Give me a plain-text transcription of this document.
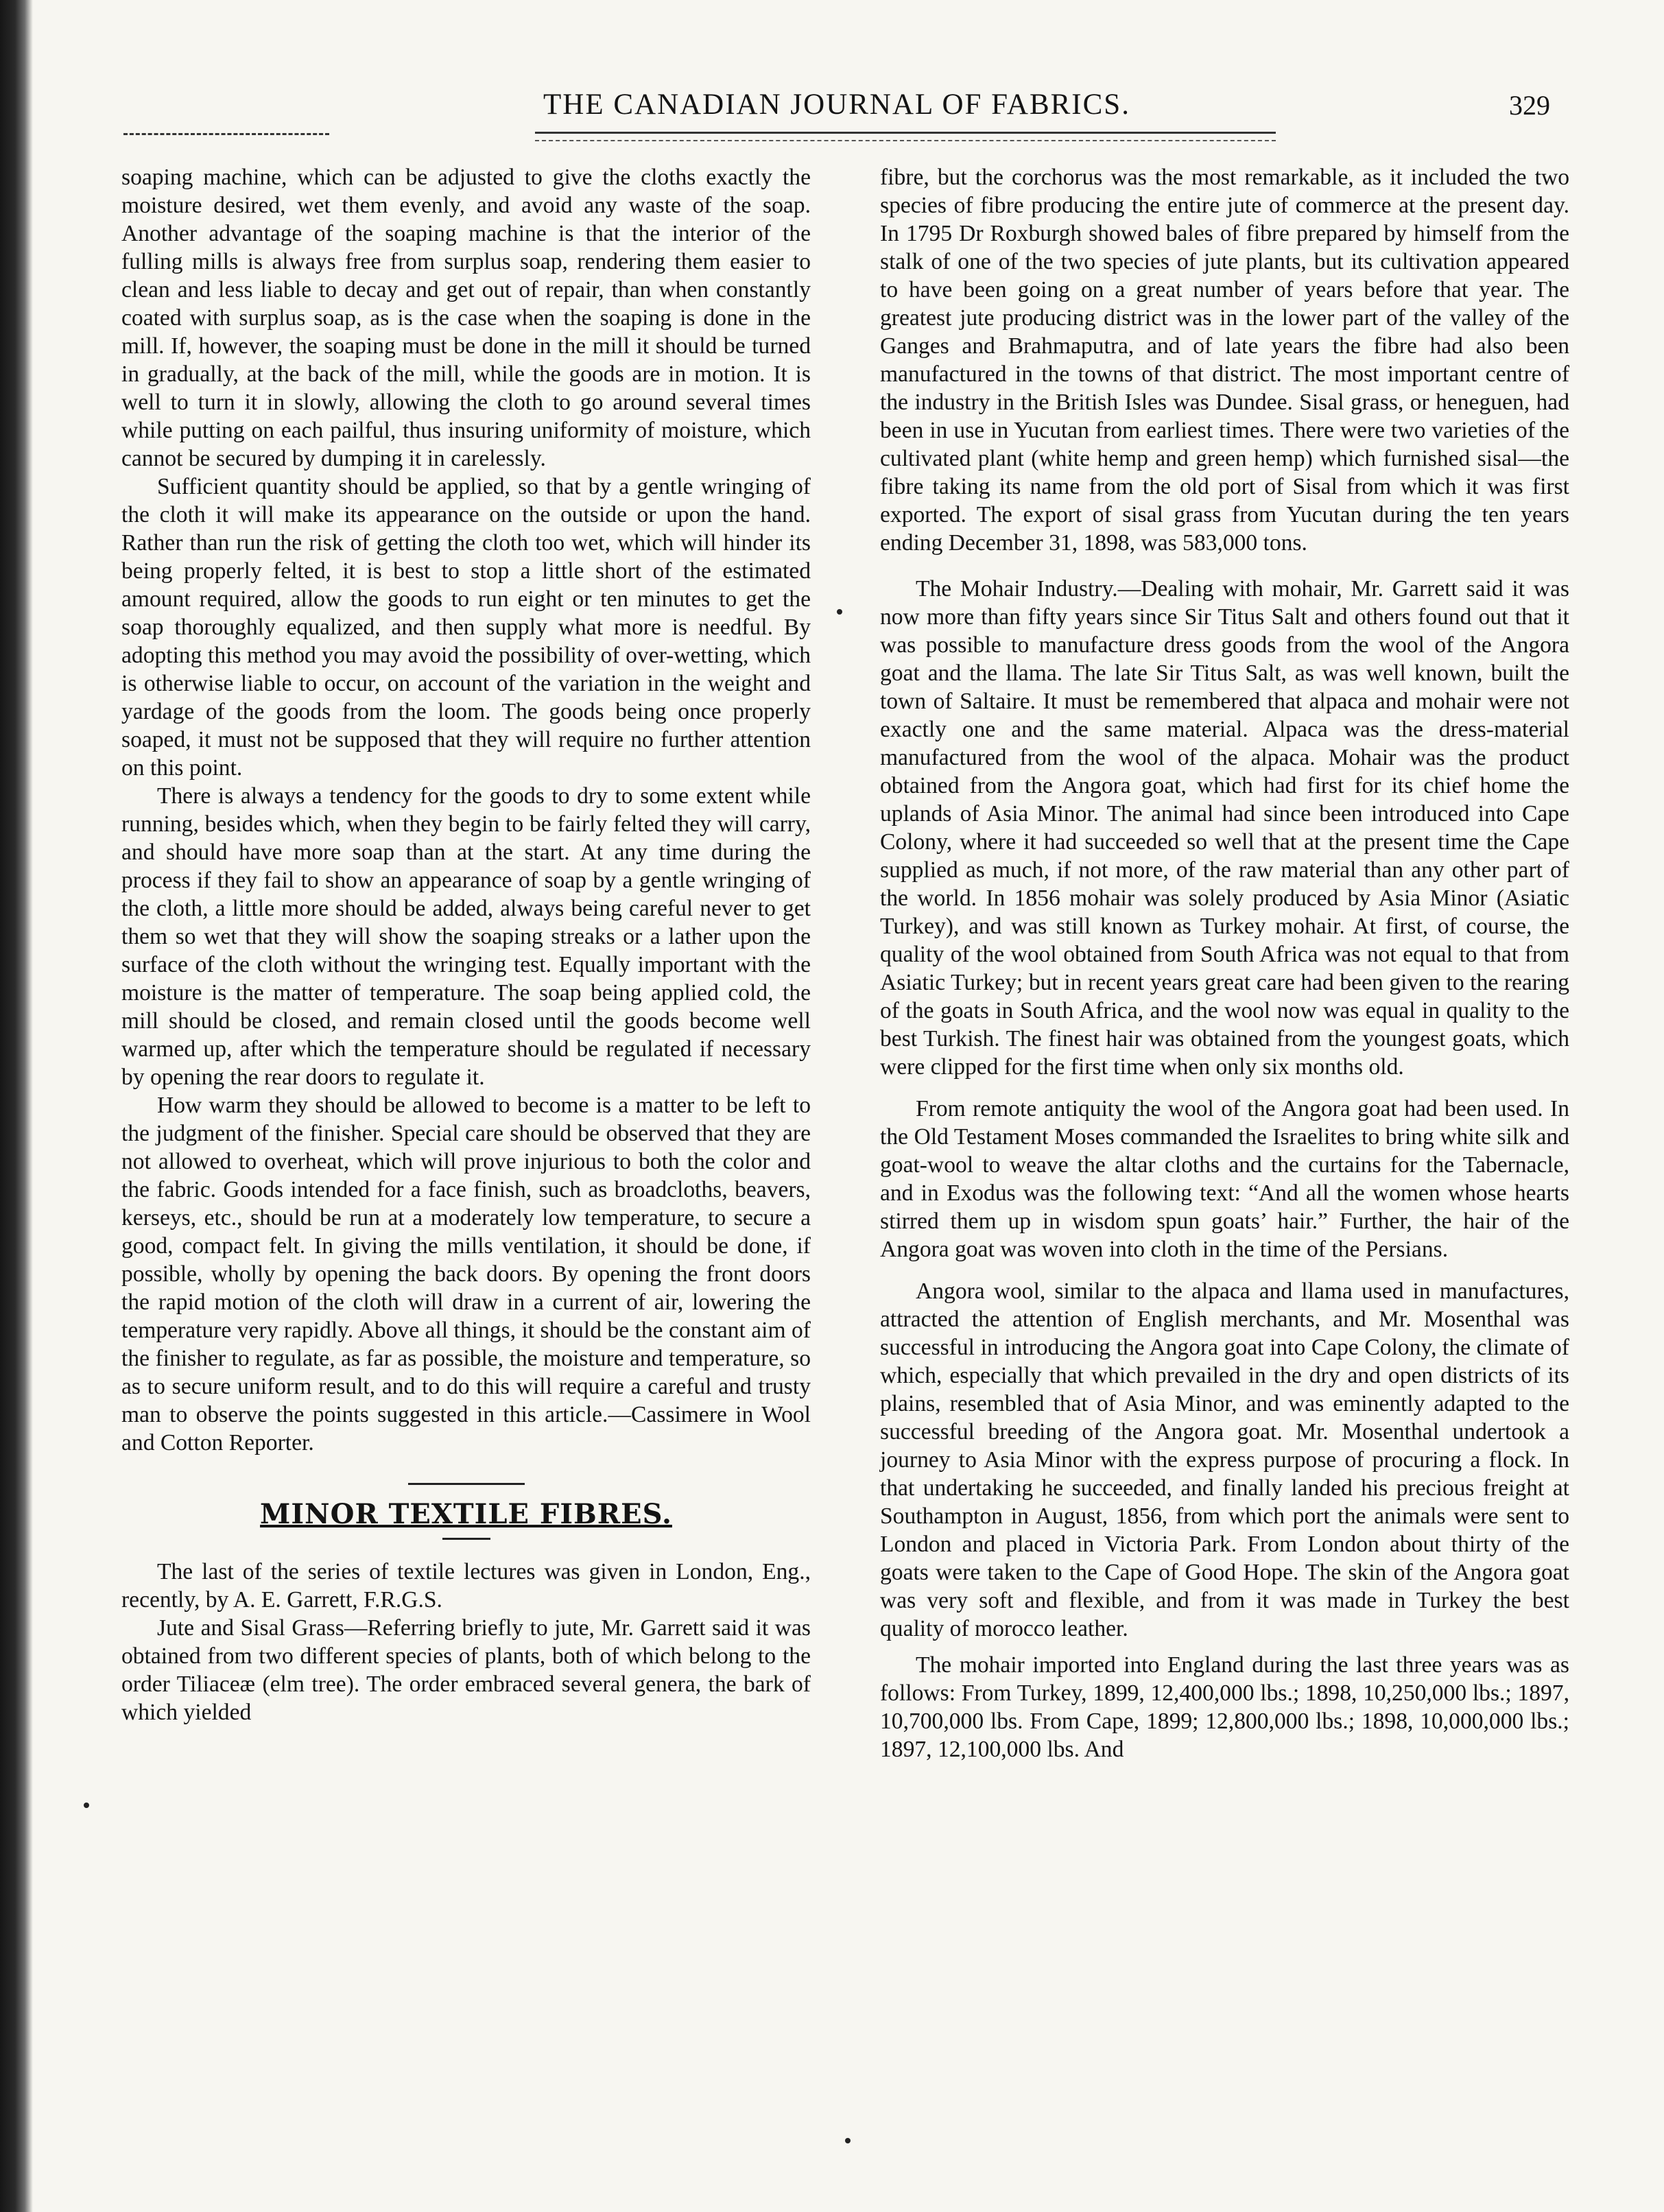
THE CANADIAN JOURNAL OF FABRICS.	329

soaping machine, which can be adjusted to give the cloths exactly the moisture desired, wet them evenly, and avoid any waste of the soap. Another advantage of the soaping machine is that the interior of the fulling mills is always free from surplus soap, rendering them easier to clean and less liable to decay and get out of repair, than when constantly coated with surplus soap, as is the case when the soaping is done in the mill. If, however, the soaping must be done in the mill it should be turned in gradually, at the back of the mill, while the goods are in motion. It is well to turn it in slowly, allowing the cloth to go around several times while putting on each pailful, thus insuring uniformity of moisture, which cannot be secured by dumping it in carelessly.

Sufficient quantity should be applied, so that by a gentle wringing of the cloth it will make its appearance on the outside or upon the hand. Rather than run the risk of getting the cloth too wet, which will hinder its being properly felted, it is best to stop a little short of the estimated amount required, allow the goods to run eight or ten minutes to get the soap thoroughly equalized, and then supply what more is needful. By adopting this method you may avoid the possibility of over-wetting, which is otherwise liable to occur, on account of the variation in the weight and yardage of the goods from the loom. The goods being once properly soaped, it must not be supposed that they will require no further attention on this point.

There is always a tendency for the goods to dry to some extent while running, besides which, when they begin to be fairly felted they will carry, and should have more soap than at the start. At any time during the process if they fail to show an appearance of soap by a gentle wringing of the cloth, a little more should be added, always being careful never to get them so wet that they will show the soaping streaks or a lather upon the surface of the cloth without the wringing test. Equally important with the moisture is the matter of temperature. The soap being applied cold, the mill should be closed, and remain closed until the goods become well warmed up, after which the temperature should be regulated if necessary by opening the rear doors to regulate it.

How warm they should be allowed to become is a matter to be left to the judgment of the finisher. Special care should be observed that they are not allowed to overheat, which will prove injurious to both the color and the fabric. Goods intended for a face finish, such as broadcloths, beavers, kerseys, etc., should be run at a moderately low temperature, to secure a good, compact felt. In giving the mills ventilation, it should be done, if possible, wholly by opening the back doors. By opening the front doors the rapid motion of the cloth will draw in a current of air, lowering the temperature very rapidly. Above all things, it should be the constant aim of the finisher to regulate, as far as possible, the moisture and temperature, so as to secure uniform result, and to do this will require a careful and trusty man to observe the points suggested in this article.—Cassimere in Wool and Cotton Reporter.

MINOR TEXTILE FIBRES.

The last of the series of textile lectures was given in London, Eng., recently, by A. E. Garrett, F.R.G.S.

Jute and Sisal Grass—Referring briefly to jute, Mr. Garrett said it was obtained from two different species of plants, both of which belong to the order Tiliaceæ (elm tree). The order embraced several genera, the bark of which yielded

fibre, but the corchorus was the most remarkable, as it included the two species of fibre producing the entire jute of commerce at the present day. In 1795 Dr Roxburgh showed bales of fibre prepared by himself from the stalk of one of the two species of jute plants, but its cultivation appeared to have been going on a great number of years before that year. The greatest jute producing district was in the lower part of the valley of the Ganges and Brahmaputra, and of late years the fibre had also been manufactured in the towns of that district. The most important centre of the industry in the British Isles was Dundee. Sisal grass, or heneguen, had been in use in Yucutan from earliest times. There were two varieties of the cultivated plant (white hemp and green hemp) which furnished sisal—the fibre taking its name from the old port of Sisal from which it was first exported. The export of sisal grass from Yucutan during the ten years ending December 31, 1898, was 583,000 tons.

The Mohair Industry.—Dealing with mohair, Mr. Garrett said it was now more than fifty years since Sir Titus Salt and others found out that it was possible to manufacture dress goods from the wool of the Angora goat and the llama. The late Sir Titus Salt, as was well known, built the town of Saltaire. It must be remembered that alpaca and mohair were not exactly one and the same material. Alpaca was the dress-material manufactured from the wool of the alpaca. Mohair was the product obtained from the Angora goat, which had first for its chief home the uplands of Asia Minor. The animal had since been introduced into Cape Colony, where it had succeeded so well that at the present time the Cape supplied as much, if not more, of the raw material than any other part of the world. In 1856 mohair was solely produced by Asia Minor (Asiatic Turkey), and was still known as Turkey mohair. At first, of course, the quality of the wool obtained from South Africa was not equal to that from Asiatic Turkey; but in recent years great care had been given to the rearing of the goats in South Africa, and the wool now was equal in quality to the best Turkish. The finest hair was obtained from the youngest goats, which were clipped for the first time when only six months old.

From remote antiquity the wool of the Angora goat had been used. In the Old Testament Moses commanded the Israelites to bring white silk and goat-wool to weave the altar cloths and the curtains for the Tabernacle, and in Exodus was the following text: “And all the women whose hearts stirred them up in wisdom spun goats’ hair.” Further, the hair of the Angora goat was woven into cloth in the time of the Persians.

Angora wool, similar to the alpaca and llama used in manufactures, attracted the attention of English merchants, and Mr. Mosenthal was successful in introducing the Angora goat into Cape Colony, the climate of which, especially that which prevailed in the dry and open districts of its plains, resembled that of Asia Minor, and was eminently adapted to the successful breeding of the Angora goat. Mr. Mosenthal undertook a journey to Asia Minor with the express purpose of procuring a flock. In that undertaking he succeeded, and finally landed his precious freight at Southampton in August, 1856, from which port the animals were sent to London and placed in Victoria Park. From London about thirty of the goats were taken to the Cape of Good Hope. The skin of the Angora goat was very soft and flexible, and from it was made in Turkey the best quality of morocco leather.

The mohair imported into England during the last three years was as follows: From Turkey, 1899, 12,400,000 lbs.; 1898, 10,250,000 lbs.; 1897, 10,700,000 lbs. From Cape, 1899; 12,800,000 lbs.; 1898, 10,000,000 lbs.; 1897, 12,100,000 lbs. And
